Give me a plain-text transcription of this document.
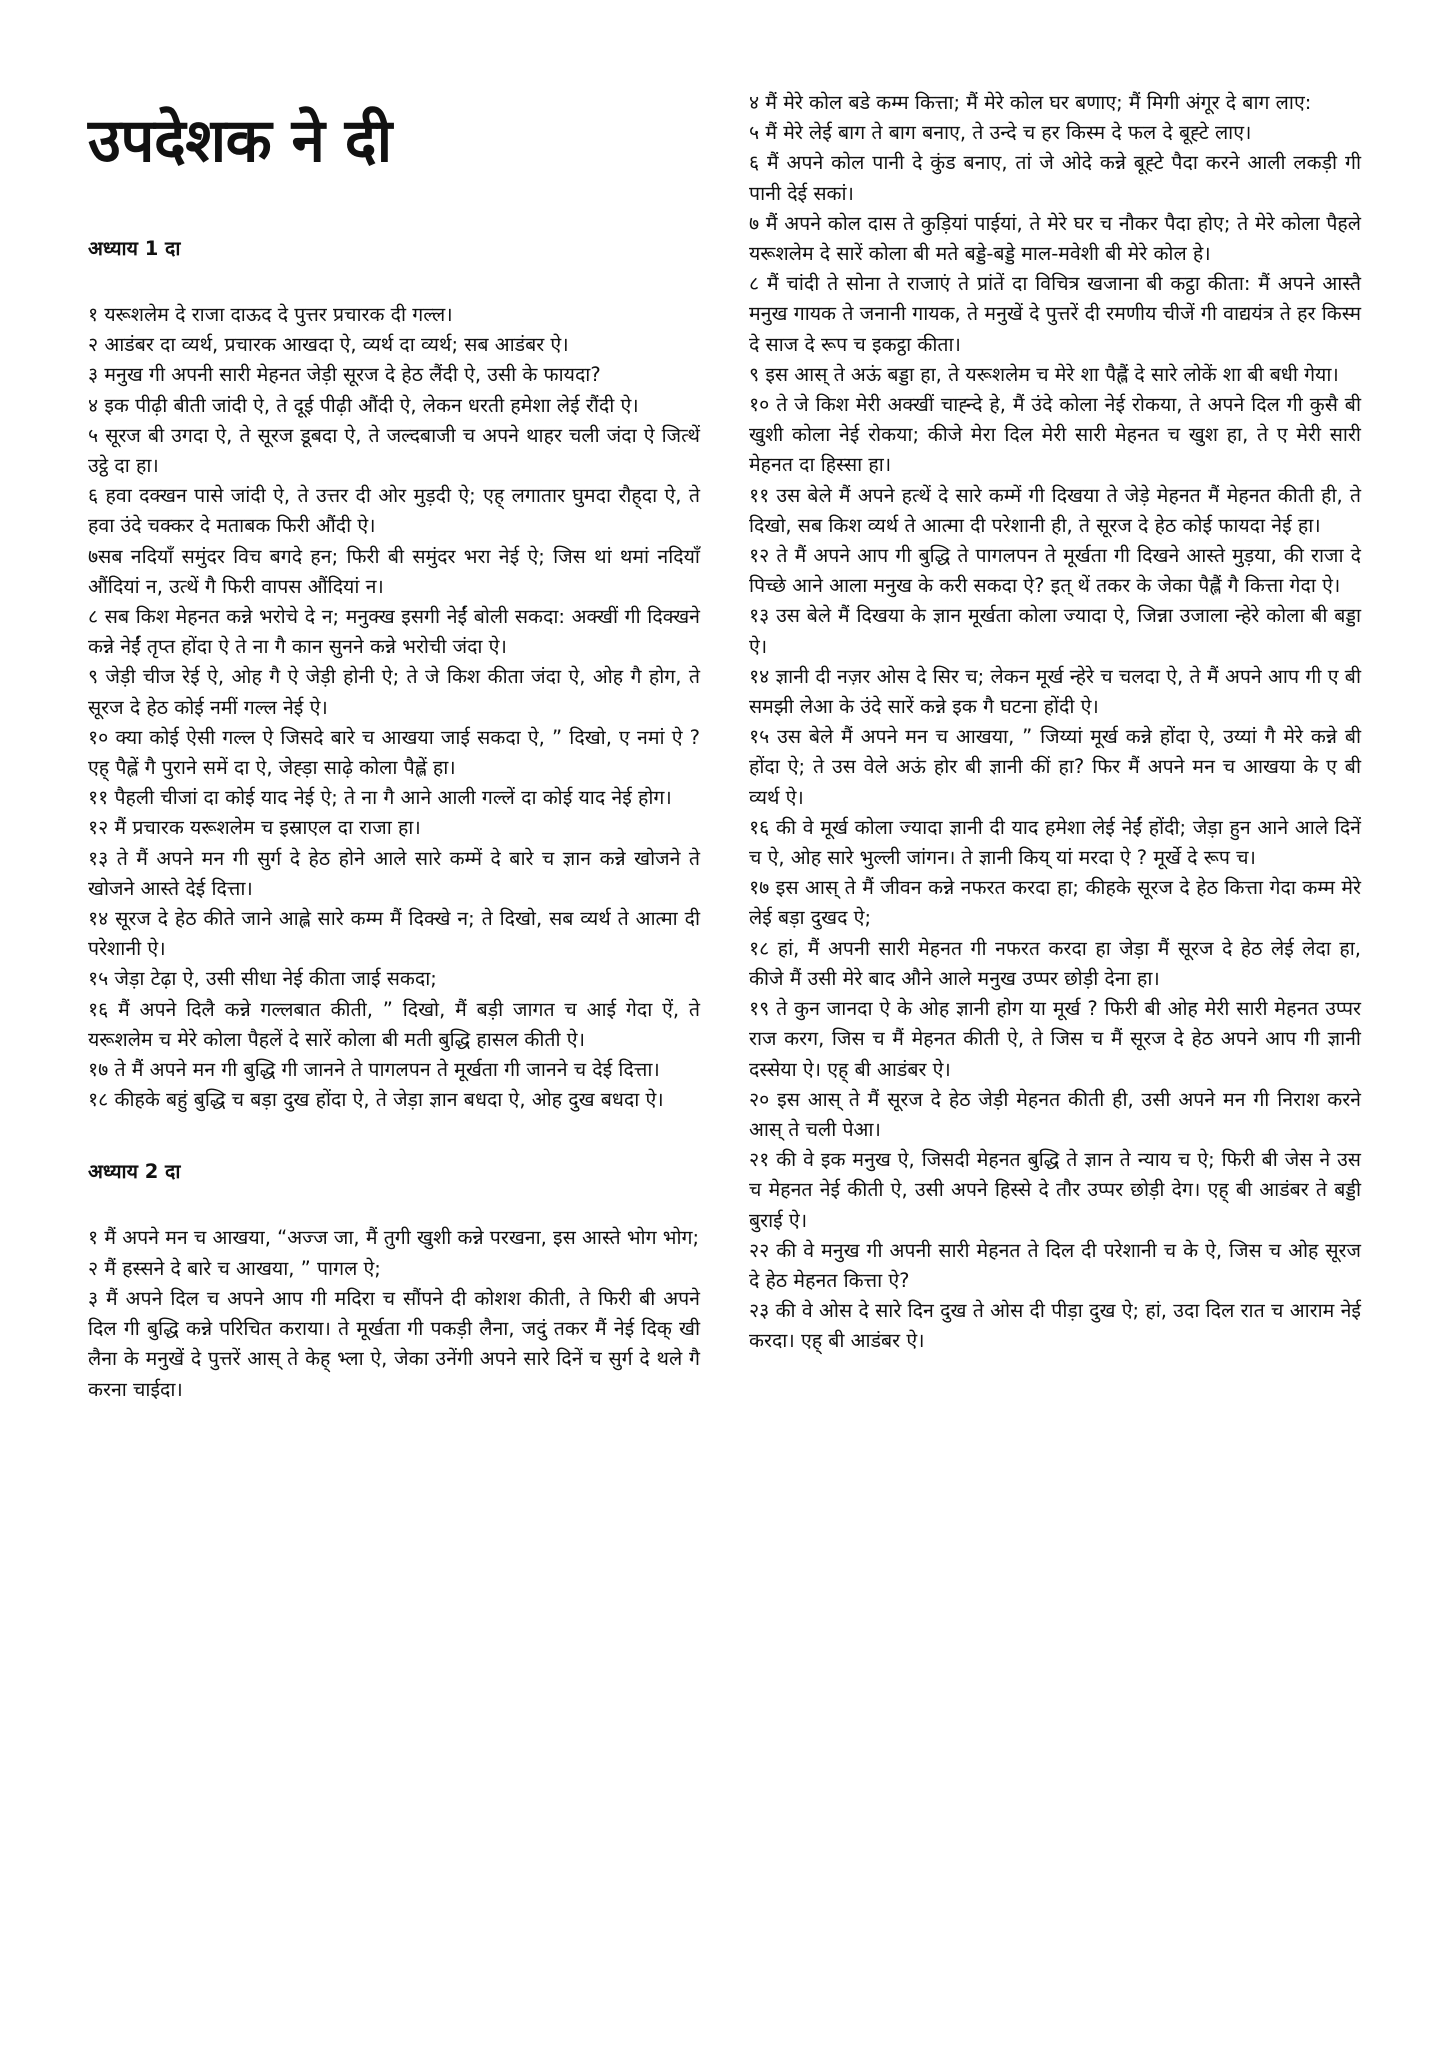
उपदेशक ने दी
अध्याय 1 दा

१ यरूशलेम दे राजा दाऊद दे पुत्तर प्रचारक दी गल्ल।

२ आडंबर दा व्यर्थ, प्रचारक आखदा ऐ, व्यर्थ दा व्यर्थ; सब आडंबर ऐ।

३ मनुख गी अपनी सारी मेहनत जेड़ी सूरज दे हेठ लैंदी ऐ, उसी के फायदा?

४ इक पीढ़ी बीती जांदी ऐ, ते दूई पीढ़ी औंदी ऐ, लेकन धरती हमेशा लेई रौंदी ऐ।

५ सूरज बी उगदा ऐ, ते सूरज डूबदा ऐ, ते जल्दबाजी च अपने थाहर चली जंदा ऐ जित्थें उट्ठे दा हा।

६ हवा दक्खन पासे जांदी ऐ, ते उत्तर दी ओर मुड़दी ऐ; एह् लगातार घुमदा रौह्‌दा ऐ, ते हवा उंदे चक्कर दे मताबक फिरी औंदी ऐ।

७सब नदियाँ समुंदर विच बगदे हन; फिरी बी समुंदर भरा नेई ऐ; जिस थां थमां नदियाँ औंदियां न, उत्थें गै फिरी वापस औंदियां न।

८ सब किश मेहनत कन्ने भरोचे दे न; मनुक्ख इसगी नेईं बोली सकदा: अक्खीं गी दिक्खने कन्ने नेईं तृप्त होंदा ऐ ते ना गै कान सुनने कन्ने भरोची जंदा ऐ।

९ जेड़ी चीज रेई ऐ, ओह गै ऐ जेड़ी होनी ऐ; ते जे किश कीता जंदा ऐ, ओह गै होग, ते सूरज दे हेठ कोई नमीं गल्ल नेई ऐ।

१० क्या कोई ऐसी गल्ल ऐ जिसदे बारे च आखया जाई सकदा ऐ, ” दिखो, ए नमां ऐ ? एह् पैह्लें गै पुराने समें दा ऐ, जेह्ड़ा साढ़े कोला पैह्लें हा।

११ पैहली चीजां दा कोई याद नेई ऐ; ते ना गै आने आली गल्लें दा कोई याद नेई होग।

१२ मैं प्रचारक यरूशलेम च इस्राएल दा राजा हा।

१३ ते मैं अपने मन गी सुर्ग दे हेठ होने आले सारे कम्में दे बारे च ज्ञान कन्ने खोजने ते खोजने आस्ते देई दित्ता।

१४ सूरज दे हेठ कीते जाने आह्ले सारे कम्म मैं दिक्खे न; ते दिखो, सब व्यर्थ ते आत्मा दी परेशानी ऐ।

१५ जेड़ा टेढ़ा ऐ, उसी सीधा नेई कीता जाई सकदा;

१६ मैं अपने दिलै कन्ने गल्लबात कीती, ” दिखो, मैं बड़ी जागत च आई गेदा ऐं, ते यरूशलेम च मेरे कोला पैहलें दे सारें कोला बी मती बुद्धि हासल कीती ऐ।

१७ ते मैं अपने मन गी बुद्धि गी जानने ते पागलपन ते मूर्खता गी जानने च देई दित्ता।

१८ कीहके बहुं बुद्धि च बड़ा दुख होंदा ऐ, ते जेड़ा ज्ञान बधदा ऐ, ओह दुख बधदा ऐ।

अध्याय 2 दा

१ मैं अपने मन च आखया, “अज्ज जा, मैं तुगी खुशी कन्ने परखना, इस आस्ते भोग भोग;

२ मैं हस्सने दे बारे च आखया, ” पागल ऐ;

३ मैं अपने दिल च अपने आप गी मदिरा च सौंपने दी कोशश कीती, ते फिरी बी अपने दिल गी बुद्धि कन्ने परिचित कराया। ते मूर्खता गी पकड़ी लैना, जदुं तकर मैं नेई दिक् खी लैना के मनुखें दे पुत्तरें आस् ते केह् भ्ला ऐ, जेका उनेंगी अपने सारे दिनें च सुर्ग दे थले गै करना चाईदा।

४ मैं मेरे कोल बडे कम्म कित्ता; मैं मेरे कोल घर बणाए; मैं मिगी अंगूर दे बाग लाए:

५ मैं मेरे लेई बाग ते बाग बनाए, ते उन्दे च हर किस्म दे फल दे बूह्टे लाए।

६ मैं अपने कोल पानी दे कुंड बनाए, तां जे ओदे कन्ने बूह्टे पैदा करने आली लकड़ी गी पानी देई सकां।

७ मैं अपने कोल दास ते कुड़ियां पाईयां, ते मेरे घर च नौकर पैदा होए; ते मेरे कोला पैहले यरूशलेम दे सारें कोला बी मते बड्डे-बड्डे माल-मवेशी बी मेरे कोल हे।

८ मैं चांदी ते सोना ते राजाएं ते प्रांतें दा विचित्र खजाना बी कट्ठा कीता: मैं अपने आस्तै मनुख गायक ते जनानी गायक, ते मनुखें दे पुत्तरें दी रमणीय चीजें गी वाद्ययंत्र ते हर किस्म दे साज दे रूप च इकट्ठा कीता।

९ इस आस् ते अऊं बड्डा हा, ते यरूशलेम च मेरे शा पैह्लैं दे सारे लोकें शा बी बधी गेया।

१० ते जे किश मेरी अक्खीं चाह्न्दे हे, मैं उंदे कोला नेई रोकया, ते अपने दिल गी कुसै बी खुशी कोला नेई रोकया; कीजे मेरा दिल मेरी सारी मेहनत च खुश हा, ते ए मेरी सारी मेहनत दा हिस्सा हा।

११ उस बेले मैं अपने हत्थें दे सारे कम्में गी दिखया ते जेड़े मेहनत मैं मेहनत कीती ही, ते दिखो, सब किश व्यर्थ ते आत्मा दी परेशानी ही, ते सूरज दे हेठ कोई फायदा नेई हा।

१२ ते मैं अपने आप गी बुद्धि ते पागलपन ते मूर्खता गी दिखने आस्ते मुड़या, की राजा दे पिच्छे आने आला मनुख के करी सकदा ऐ? इत् थें तकर के जेका पैह्लैं गै कित्ता गेदा ऐ।

१३ उस बेले मैं दिखया के ज्ञान मूर्खता कोला ज्यादा ऐ, जिन्ना उजाला न्हेरे कोला बी बड्डा ऐ।

१४ ज्ञानी दी नज़र ओस दे सिर च; लेकन मूर्ख न्हेरे च चलदा ऐ, ते मैं अपने आप गी ए बी समझी लेआ के उंदे सारें कन्ने इक गै घटना होंदी ऐ।

१५ उस बेले मैं अपने मन च आखया, ” जिय्यां मूर्ख कन्ने होंदा ऐ, उय्यां गै मेरे कन्ने बी होंदा ऐ; ते उस वेले अऊं होर बी ज्ञानी कीं हा? फिर मैं अपने मन च आखया के ए बी व्यर्थ ऐ।

१६ की वे मूर्ख कोला ज्यादा ज्ञानी दी याद हमेशा लेई नेईं होंदी; जेड़ा हुन आने आले दिनें च ऐ, ओह सारे भुल्ली जांगन। ते ज्ञानी किय् यां मरदा ऐ ? मूर्खे दे रूप च।

१७ इस आस् ते मैं जीवन कन्ने नफरत करदा हा; कीहके सूरज दे हेठ कित्ता गेदा कम्म मेरे लेई बड़ा दुखद ऐ;

१८ हां, मैं अपनी सारी मेहनत गी नफरत करदा हा जेड़ा मैं सूरज दे हेठ लेई लेदा हा, कीजे मैं उसी मेरे बाद औने आले मनुख उप्पर छोड़ी देना हा।

१९ ते कुन जानदा ऐ के ओह ज्ञानी होग या मूर्ख ? फिरी बी ओह मेरी सारी मेहनत उप्पर राज करग, जिस च मैं मेहनत कीती ऐ, ते जिस च मैं सूरज दे हेठ अपने आप गी ज्ञानी दस्सेया ऐ। एह् बी आडंबर ऐ।

२० इस आस् ते मैं सूरज दे हेठ जेड़ी मेहनत कीती ही, उसी अपने मन गी निराश करने आस् ते चली पेआ।

२१ की वे इक मनुख ऐ, जिसदी मेहनत बुद्धि ते ज्ञान ते न्याय च ऐ; फिरी बी जेस ने उस च मेहनत नेई कीती ऐ, उसी अपने हिस्से दे तौर उप्पर छोड़ी देग। एह् बी आडंबर ते बड्डी बुराई ऐ।

२२ की वे मनुख गी अपनी सारी मेहनत ते दिल दी परेशानी च के ऐ, जिस च ओह सूरज दे हेठ मेहनत कित्ता ऐ?

२३ की वे ओस दे सारे दिन दुख ते ओस दी पीड़ा दुख ऐ; हां, उदा दिल रात च आराम नेई करदा। एह् बी आडंबर ऐ।
